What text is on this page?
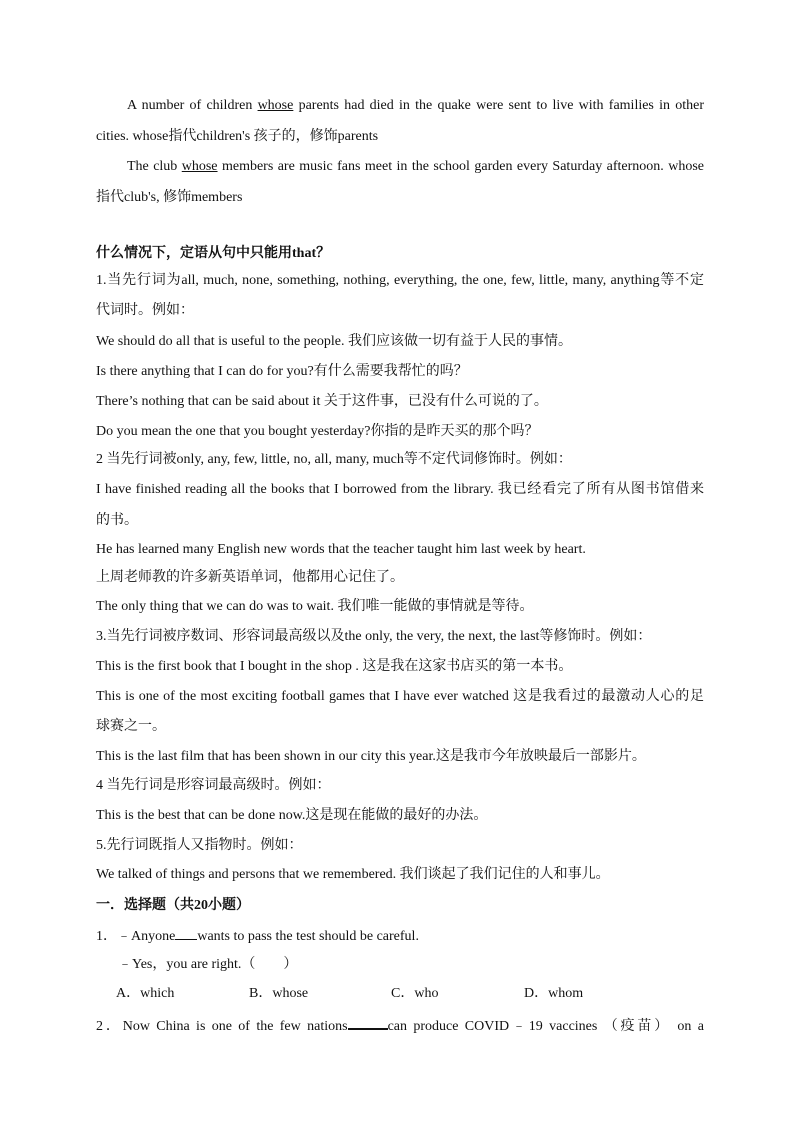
A number of children whose parents had died in the quake were sent to live with families in other
cities. whose指代children's 孩子的，修饰parents
The club whose members are music fans meet in the school garden every Saturday afternoon. whose
指代club's, 修饰members
什么情况下，定语从句中只能用that？
1.当先行词为all, much, none, something, nothing, everything, the one, few, little, many, anything等不定
代词时。例如：
We should do all that is useful to the people. 我们应该做一切有益于人民的事情。
Is there anything that I can do for you?有什么需要我帮忙的吗？
There’s nothing that can be said about it 关于这件事，已没有什么可说的了。
Do you mean the one that you bought yesterday?你指的是昨天买的那个吗？
2 当先行词被only, any, few, little, no, all, many, much等不定代词修饰时。例如：
I have finished reading all the books that I borrowed from the library. 我已经看完了所有从图书馆借来
的书。
He has learned many English new words that the teacher taught him last week by heart.
上周老师教的许多新英语单词，他都用心记住了。
The only thing that we can do was to wait. 我们唯一能做的事情就是等待。
3.当先行词被序数词、形容词最高级以及the only, the very, the next, the last等修饰时。例如：
This is the first book that I bought in the shop . 这是我在这家书店买的第一本书。
This is one of the most exciting football games that I have ever watched 这是我看过的最激动人心的足
球赛之一。
This is the last film that has been shown in our city this year.这是我市今年放映最后一部影片。
4 当先行词是形容词最高级时。例如：
This is the best that can be done now.这是现在能做的最好的办法。
5.先行词既指人又指物时。例如：
We talked of things and persons that we remembered. 我们谈起了我们记住的人和事儿。
一．选择题（共20小题）
1．﹣Anyone wants to pass the test should be careful.
﹣Yes，you are right.（　　）
A．which	B．whose	C．who	D．whom
2．Now China is one of the few nations	can produce COVID﹣19 vaccines （疫苗） on a
